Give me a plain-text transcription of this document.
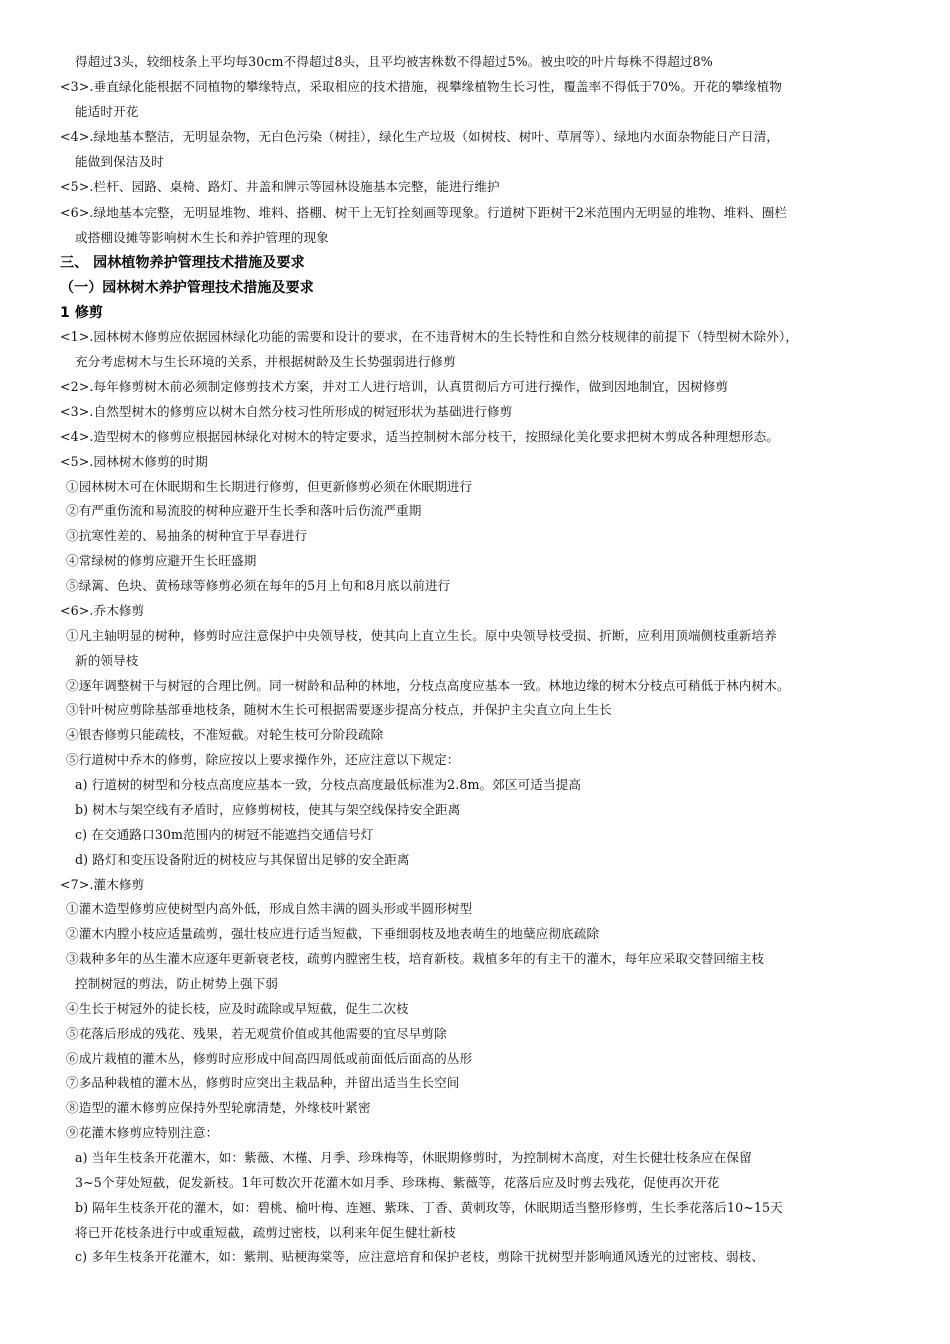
得超过3头，较细枝条上平均每30cm不得超过8头，且平均被害株数不得超过5%。被虫咬的叶片每株不得超过8%
<3>.垂直绿化能根据不同植物的攀缘特点，采取相应的技术措施，视攀缘植物生长习性，覆盖率不得低于70%。开花的攀缘植物
能适时开花
<4>.绿地基本整洁，无明显杂物，无白色污染（树挂），绿化生产垃圾（如树枝、树叶、草屑等）、绿地内水面杂物能日产日清，
能做到保洁及时
<5>.栏杆、园路、桌椅、路灯、井盖和牌示等园林设施基本完整，能进行维护
<6>.绿地基本完整，无明显堆物、堆料、搭棚、树干上无钉拴刻画等现象。行道树下距树干2米范围内无明显的堆物、堆料、圈栏
或搭棚设摊等影响树木生长和养护管理的现象
三、 园林植物养护管理技术措施及要求
（一）园林树木养护管理技术措施及要求
1 修剪
<1>.园林树木修剪应依据园林绿化功能的需要和设计的要求，在不违背树木的生长特性和自然分枝规律的前提下（特型树木除外），
充分考虑树木与生长环境的关系，并根据树龄及生长势强弱进行修剪
<2>.每年修剪树木前必须制定修剪技术方案，并对工人进行培训，认真贯彻后方可进行操作，做到因地制宜，因树修剪
<3>.自然型树木的修剪应以树木自然分枝习性所形成的树冠形状为基础进行修剪
<4>.造型树木的修剪应根据园林绿化对树木的特定要求，适当控制树木部分枝干，按照绿化美化要求把树木剪成各种理想形态。
<5>.园林树木修剪的时期
①园林树木可在休眠期和生长期进行修剪，但更新修剪必须在休眠期进行
②有严重伤流和易流胶的树种应避开生长季和落叶后伤流严重期
③抗寒性差的、易抽条的树种宜于早春进行
④常绿树的修剪应避开生长旺盛期
⑤绿篱、色块、黄杨球等修剪必须在每年的5月上旬和8月底以前进行
<6>.乔木修剪
①凡主轴明显的树种，修剪时应注意保护中央领导枝，使其向上直立生长。原中央领导枝受损、折断，应利用顶端侧枝重新培养
新的领导枝
②逐年调整树干与树冠的合理比例。同一树龄和品种的林地，分枝点高度应基本一致。林地边缘的树木分枝点可稍低于林内树木。
③针叶树应剪除基部垂地枝条，随树木生长可根据需要逐步提高分枝点，并保护主尖直立向上生长
④银杏修剪只能疏枝，不准短截。对轮生枝可分阶段疏除
⑤行道树中乔木的修剪，除应按以上要求操作外，还应注意以下规定：
a) 行道树的树型和分枝点高度应基本一致，分枝点高度最低标准为2.8m。郊区可适当提高
b) 树木与架空线有矛盾时，应修剪树枝，使其与架空线保持安全距离
c) 在交通路口30m范围内的树冠不能遮挡交通信号灯
d) 路灯和变压设备附近的树枝应与其保留出足够的安全距离
<7>.灌木修剪
①灌木造型修剪应使树型内高外低，形成自然丰满的圆头形或半圆形树型
②灌木内膛小枝应适量疏剪，强壮枝应进行适当短截，下垂细弱枝及地表萌生的地蘖应彻底疏除
③栽种多年的丛生灌木应逐年更新衰老枝，疏剪内膛密生枝，培育新枝。栽植多年的有主干的灌木，每年应采取交替回缩主枝
控制树冠的剪法，防止树势上强下弱
④生长于树冠外的徒长枝，应及时疏除或早短截，促生二次枝
⑤花落后形成的残花、残果，若无观赏价值或其他需要的宜尽早剪除
⑥成片栽植的灌木丛，修剪时应形成中间高四周低或前面低后面高的丛形
⑦多品种栽植的灌木丛，修剪时应突出主栽品种，并留出适当生长空间
⑧造型的灌木修剪应保持外型轮廓清楚，外缘枝叶紧密
⑨花灌木修剪应特别注意：
a) 当年生枝条开花灌木，如：紫薇、木槿、月季、珍珠梅等，休眠期修剪时，为控制树木高度，对生长健壮枝条应在保留
3~5个芽处短截，促发新枝。1年可数次开花灌木如月季、珍珠梅、紫薇等，花落后应及时剪去残花，促使再次开花
b) 隔年生枝条开花的灌木，如：碧桃、榆叶梅、连翘、紫珠、丁香、黄刺玫等，休眠期适当整形修剪，生长季花落后10~15天
将已开花枝条进行中或重短截，疏剪过密枝，以利来年促生健壮新枝
c) 多年生枝条开花灌木，如：紫荆、贴梗海棠等，应注意培育和保护老枝，剪除干扰树型并影响通风透光的过密枝、弱枝、
